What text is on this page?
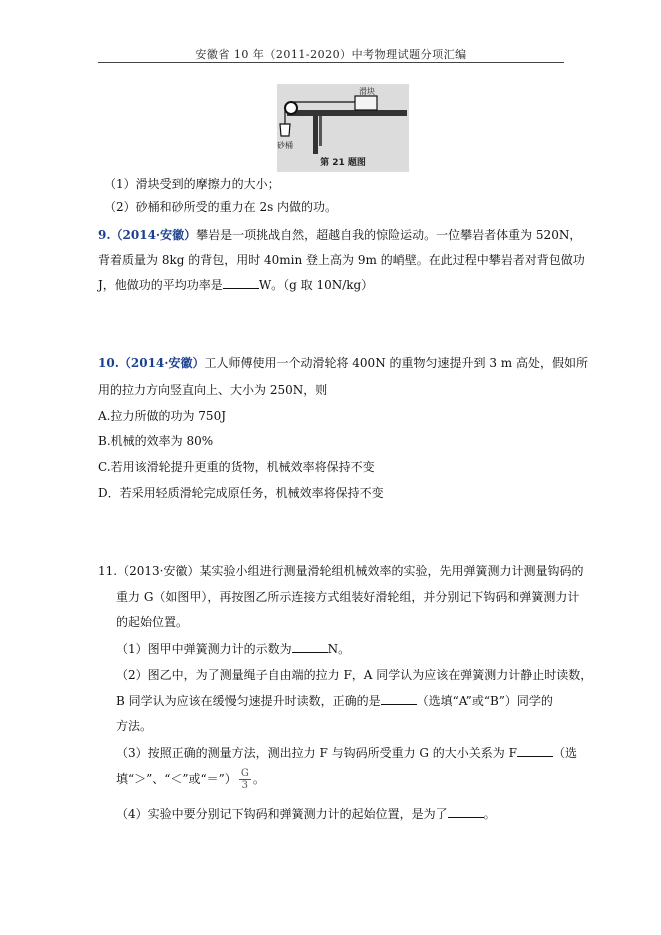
安徽省 10 年（2011-2020）中考物理试题分项汇编
滑块
砂桶
第 21 题图
（1）滑块受到的摩擦力的大小；
（2）砂桶和砂所受的重力在 2s 内做的功。
9.（2014·安徽）攀岩是一项挑战自然，超越自我的惊险运动。一位攀岩者体重为 520N，
背着质量为 8kg 的背包，用时 40min 登上高为 9m 的峭壁。在此过程中攀岩者对背包做功
J，他做功的平均功率是	W。（g 取 10N/kg）
10.（2014·安徽）工人师傅使用一个动滑轮将 400N 的重物匀速提升到 3 m 高处，假如所
用的拉力方向竖直向上、大小为 250N，则
A.拉力所做的功为 750J
B.机械的效率为 80%
C.若用该滑轮提升更重的货物，机械效率将保持不变
D．若采用轻质滑轮完成原任务，机械效率将保持不变
11.（2013·安徽）某实验小组进行测量滑轮组机械效率的实验，先用弹簧测力计测量钩码的
重力 G（如图甲），再按图乙所示连接方式组装好滑轮组，并分别记下钩码和弹簧测力计
的起始位置。
（1）图甲中弹簧测力计的示数为	N。
（2）图乙中，为了测量绳子自由端的拉力 F，A 同学认为应该在弹簧测力计静止时读数，
B 同学认为应该在缓慢匀速提升时读数，正确的是	（选填“A”或“B”）同学的
方法。
（3）按照正确的测量方法，测出拉力 F 与钩码所受重力 G 的大小关系为 F	（选
填“＞”、“＜”或“＝”） $\frac{G}{3}$ 。
（4）实验中要分别记下钩码和弹簧测力计的起始位置，是为了	。
